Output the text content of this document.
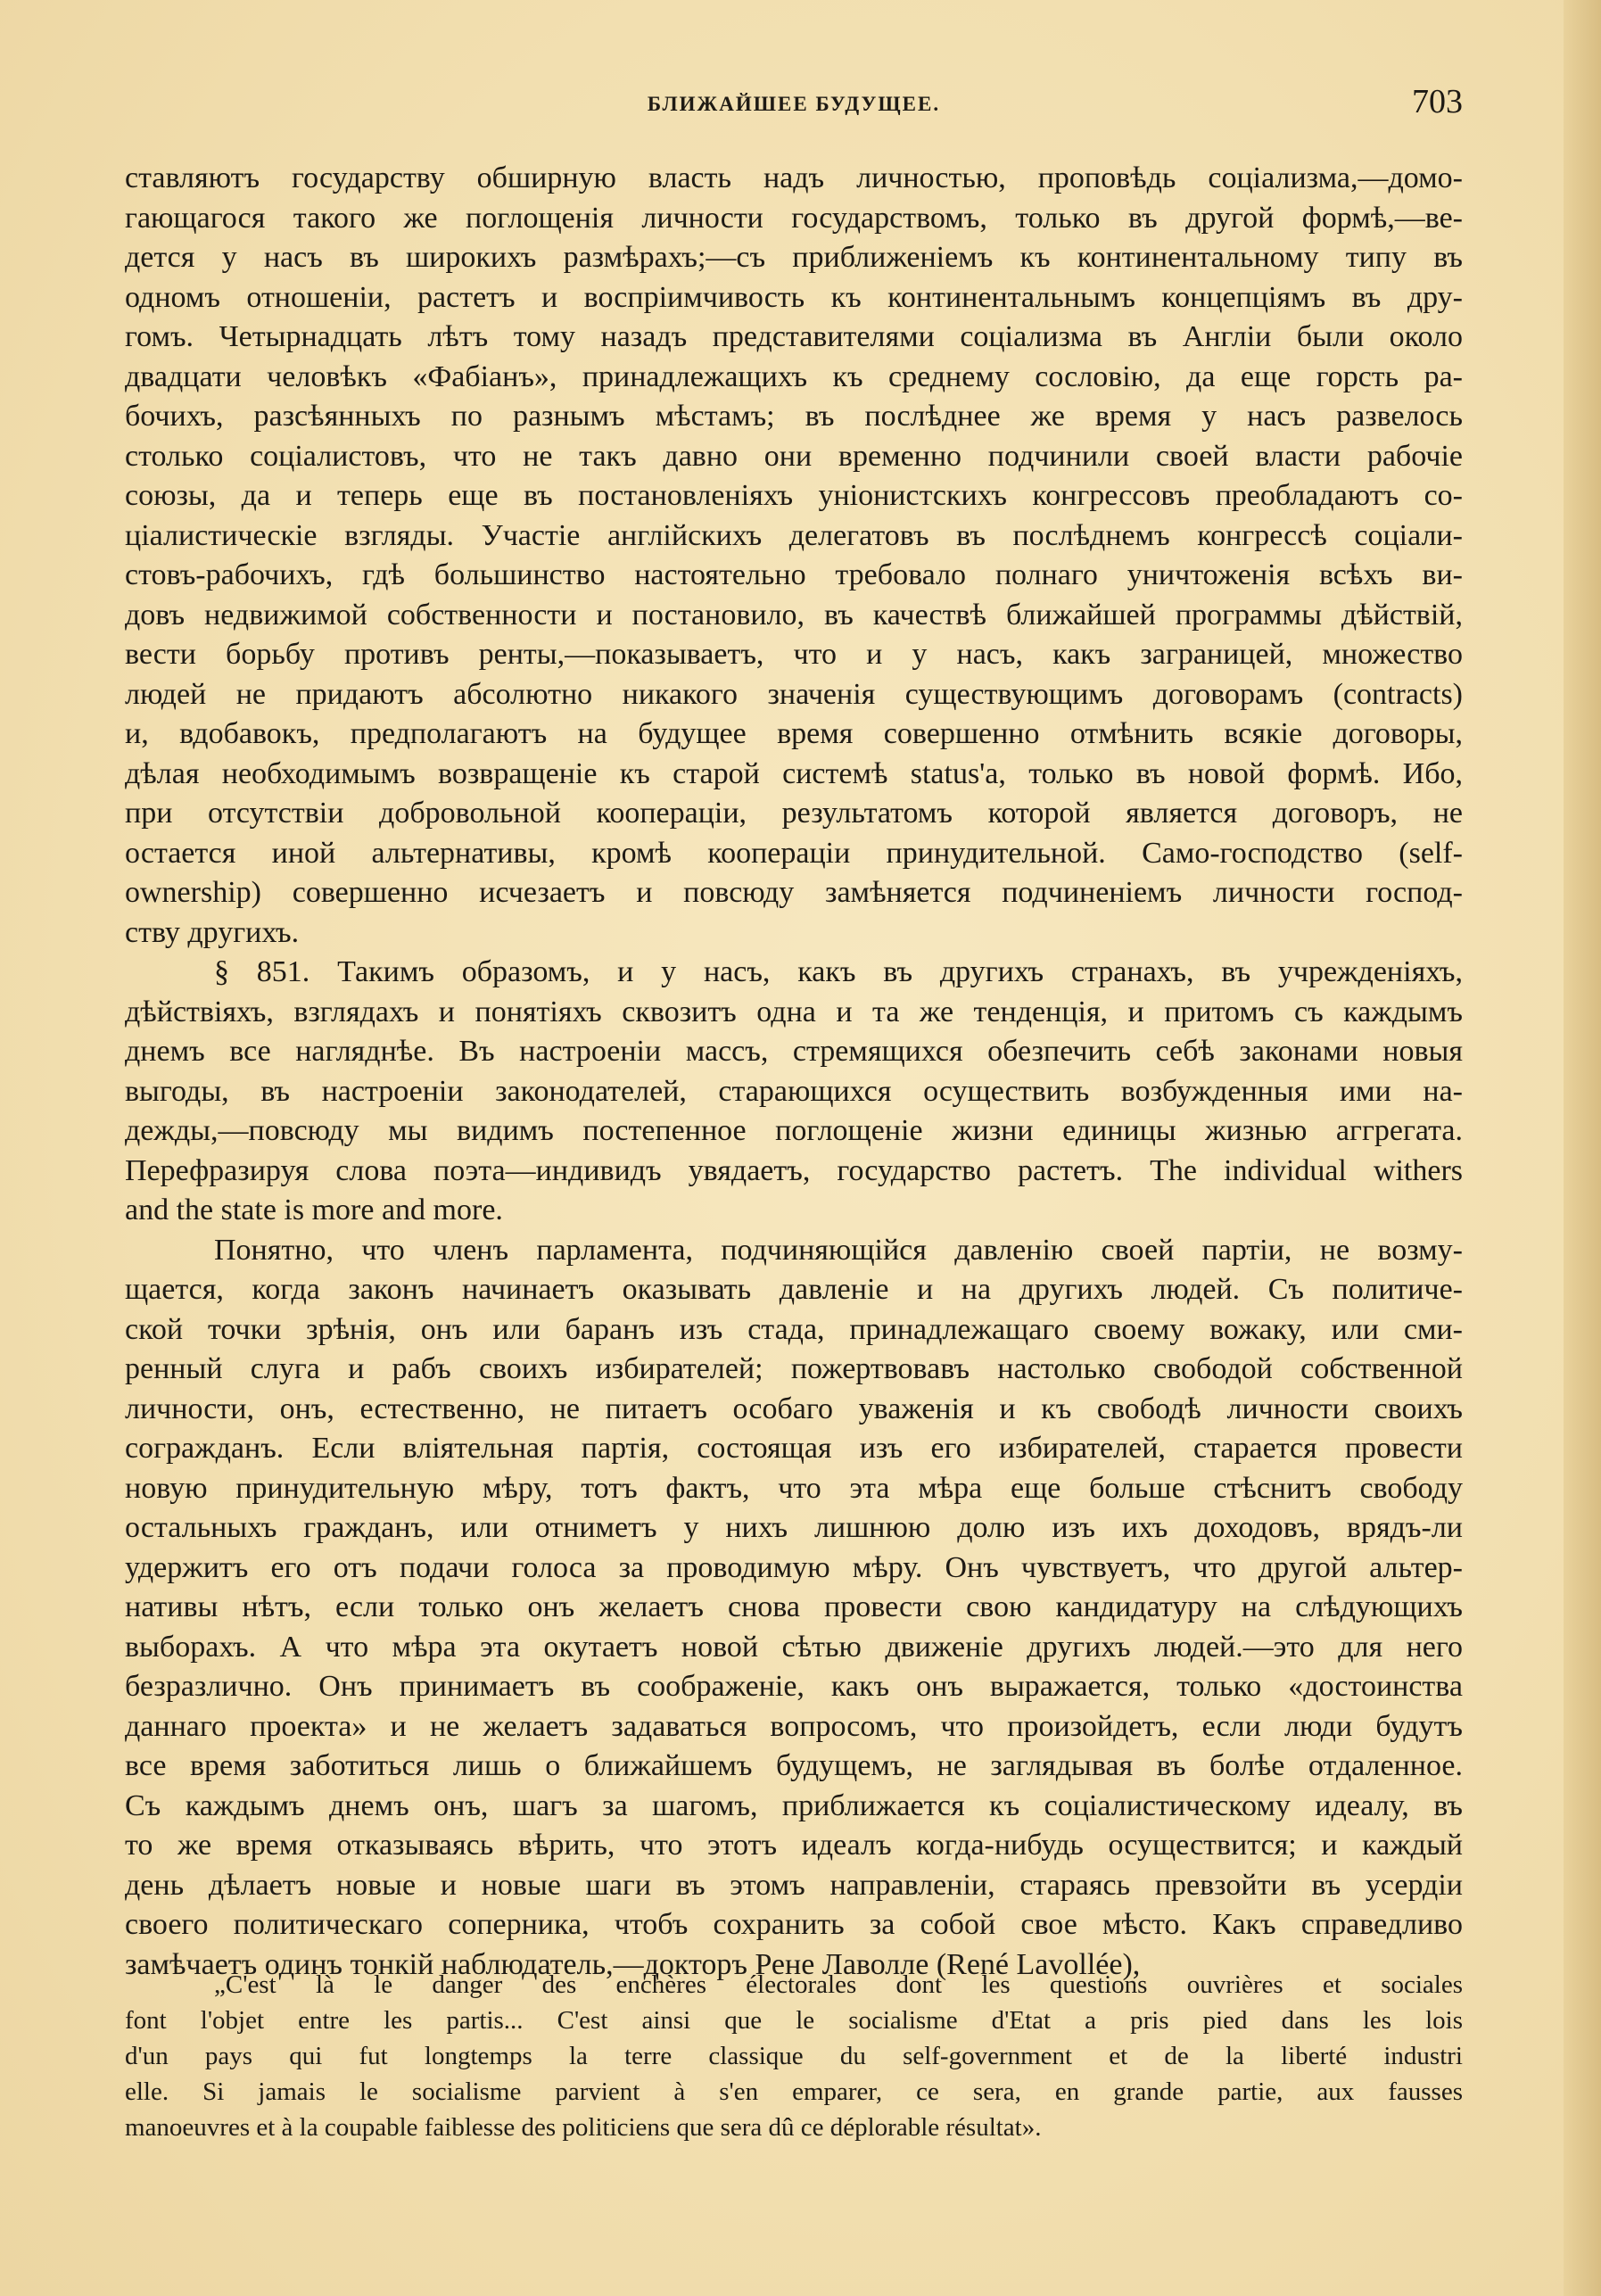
БЛИЖАЙШЕЕ БУДУЩЕЕ.	703

ставляютъ государству обширную власть надъ личностью, проповѣдь соціализма,—домо-
гающагося такого же поглощенія личности государствомъ, только въ другой формѣ,—ве-
дется у насъ въ широкихъ размѣрахъ;—съ приближеніемъ къ континентальному типу въ
одномъ отношеніи, растетъ и воспріимчивость къ континентальнымъ концепціямъ въ дру-
гомъ. Четырнадцать лѣтъ тому назадъ представителями соціализма въ Англіи были около
двадцати человѣкъ «Фабіанъ», принадлежащихъ къ среднему сословію, да еще горсть ра-
бочихъ, разсѣянныхъ по разнымъ мѣстамъ; въ послѣднее же время у насъ развелось
столько соціалистовъ, что не такъ давно они временно подчинили своей власти рабочіе
союзы, да и теперь еще въ постановленіяхъ уніонистскихъ конгрессовъ преобладаютъ со-
ціалистическіе взгляды. Участіе англійскихъ делегатовъ въ послѣднемъ конгрессѣ соціали-
стовъ-рабочихъ, гдѣ большинство настоятельно требовало полнаго уничтоженія всѣхъ ви-
довъ недвижимой собственности и постановило, въ качествѣ ближайшей программы дѣйствій,
вести борьбу противъ ренты,—показываетъ, что и у насъ, какъ заграницей, множество
людей не придаютъ абсолютно никакого значенія существующимъ договорамъ (contracts)
и, вдобавокъ, предполагаютъ на будущее время совершенно отмѣнить всякіе договоры,
дѣлая необходимымъ возвращеніе къ старой системѣ status'a, только въ новой формѣ. Ибо,
при отсутствіи добровольной коопераціи, результатомъ которой является договоръ, не
остается иной альтернативы, кромѣ коопераціи принудительной. Само-господство (self-
ownership) совершенно исчезаетъ и повсюду замѣняется подчиненіемъ личности господ-
ству другихъ.

§ 851. Такимъ образомъ, и у насъ, какъ въ другихъ странахъ, въ учрежденіяхъ,
дѣйствіяхъ, взглядахъ и понятіяхъ сквозитъ одна и та же тенденція, и притомъ съ каждымъ
днемъ все нагляднѣе. Въ настроеніи массъ, стремящихся обезпечить себѣ законами новыя
выгоды, въ настроеніи законодателей, старающихся осуществить возбужденныя ими на-
дежды,—повсюду мы видимъ постепенное поглощеніе жизни единицы жизнью аггрегата.
Перефразируя слова поэта—индивидъ увядаетъ, государство растетъ. The individual withers
and the state is more and more.

Понятно, что членъ парламента, подчиняющійся давленію своей партіи, не возму-
щается, когда законъ начинаетъ оказывать давленіе и на другихъ людей. Съ политиче-
ской точки зрѣнія, онъ или баранъ изъ стада, принадлежащаго своему вожаку, или сми-
ренный слуга и рабъ своихъ избирателей; пожертвовавъ настолько свободой собственной
личности, онъ, естественно, не питаетъ особаго уваженія и къ свободѣ личности своихъ
согражданъ. Если вліятельная партія, состоящая изъ его избирателей, старается провести
новую принудительную мѣру, тотъ фактъ, что эта мѣра еще больше стѣснитъ свободу
остальныхъ гражданъ, или отниметъ у нихъ лишнюю долю изъ ихъ доходовъ, врядъ-ли
удержитъ его отъ подачи голоса за проводимую мѣру. Онъ чувствуетъ, что другой альтер-
нативы нѣтъ, если только онъ желаетъ снова провести свою кандидатуру на слѣдующихъ
выборахъ. А что мѣра эта окутаетъ новой сѣтью движеніе другихъ людей.—это для него
безразлично. Онъ принимаетъ въ соображеніе, какъ онъ выражается, только «достоинства
даннаго проекта» и не желаетъ задаваться вопросомъ, что произойдетъ, если люди будутъ
все время заботиться лишь о ближайшемъ будущемъ, не заглядывая въ болѣе отдаленное.
Съ каждымъ днемъ онъ, шагъ за шагомъ, приближается къ соціалистическому идеалу, въ
то же время отказываясь вѣрить, что этотъ идеалъ когда-нибудь осуществится; и каждый
день дѣлаетъ новые и новые шаги въ этомъ направленіи, стараясь превзойти въ усердіи
своего политическаго соперника, чтобъ сохранить за собой свое мѣсто. Какъ справедливо
замѣчаетъ одинъ тонкій наблюдатель,—докторъ Рене Лаволле (René Lavollée),

„C'est là le danger des enchères électorales dont les questions ouvrières et sociales
font l'objet entre les partis... C'est ainsi que le socialisme d'Etat a pris pied dans les lois
d'un pays qui fut longtemps la terre classique du self-government et de la liberté industri
elle. Si jamais le socialisme parvient à s'en emparer, ce sera, en grande partie, aux fausses
manoeuvres et à la coupable faiblesse des politiciens que sera dû ce déplorable résultat».
